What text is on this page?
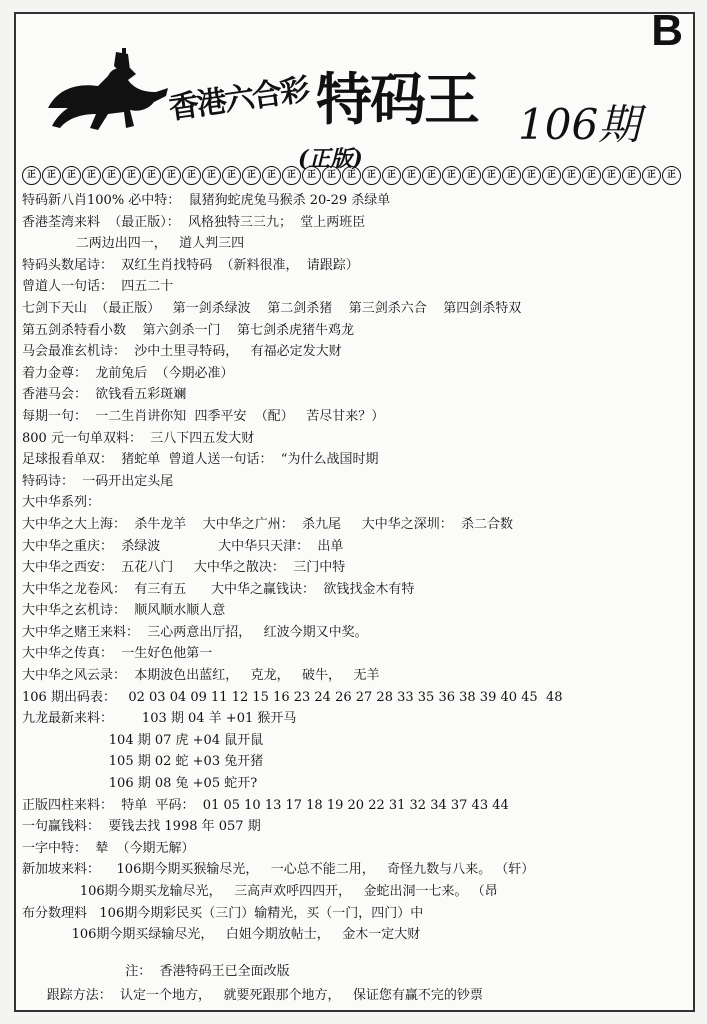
B
香港六合彩 特码王 106期
(正版)
正	正	正	正	正	正	正	正	正	正	正	正	正	正	正	正	正	正	正	正	正	正	正	正	正	正	正	正	正	正	正	正	正
特码新八肖100% 必中特：  鼠猪狗蛇虎兔马猴杀 20-29 杀绿单
香港荃湾来料  （最正版）：  风格独特三三九；  堂上两班臣
二两边出四一，   道人判三四
特码头数尾诗：  双红生肖找特码  （新料很准，  请跟踪）
曾道人一句话：  四五二十
七剑下天山  （最正版）   第一剑杀绿波    第二剑杀猪    第三剑杀六合    第四剑杀特双
第五剑杀特看小数    第六剑杀一门    第七剑杀虎猪牛鸡龙
马会最准玄机诗：  沙中土里寻特码，   有福必定发大财
着力金尊：  龙前兔后  （今期必准）
香港马会：  欲钱看五彩斑斓
每期一句：  一二生肖讲你知  四季平安  （配）   苦尽甘来？）
800 元一句单双料：  三八下四五发大财
足球报看单双：  猪蛇单  曾道人送一句话：  “为什么战国时期
特码诗：  一码开出定头尾
大中华系列：
大中华之大上海：  杀牛龙羊    大中华之广州：  杀九尾     大中华之深圳：  杀二合数
大中华之重庆：  杀绿波              大中华只天津：  出单
大中华之西安：  五花八门     大中华之散决：  三门中特
大中华之龙卷风：  有三有五      大中华之赢钱诀：  欲钱找金木有特
大中华之玄机诗：  顺风顺水顺人意
大中华之赌王来料：  三心两意出厅招，   红波今期又中奖。
大中华之传真：  一生好色他第一
大中华之风云录：  本期波色出蓝红，   克龙，   破牛，   无羊
106 期出码表：   02 03 04 09 11 12 15 16 23 24 26 27 28 33 35 36 38 39 40 45  48
九龙最新来料：       103 期 04 羊 +01 猴开马
104 期 07 虎 +04 鼠开鼠
105 期 02 蛇 +03 兔开猪
106 期 08 兔 +05 蛇开?
正版四柱来料：  特单  平码：  01 05 10 13 17 18 19 20 22 31 32 34 37 43 44
一句赢钱料：  要钱去找 1998 年 057 期
一字中特：  辇  （今期无解）
新加坡来料：    106期今期买猴输尽光，   一心总不能二用，   奇怪九数与八来。 （轩）
106期今期买龙输尽光，   三高声欢呼四四开，   金蛇出洞一七来。 （昂
布分数理料   106期今期彩民买（三门）输精光，买（一门，四门）中
106期今期买绿输尽光，   白姐今期放帖士，   金木一定大财
注：  香港特码王已全面改版
跟踪方法：  认定一个地方，   就要死跟那个地方，   保证您有赢不完的钞票
